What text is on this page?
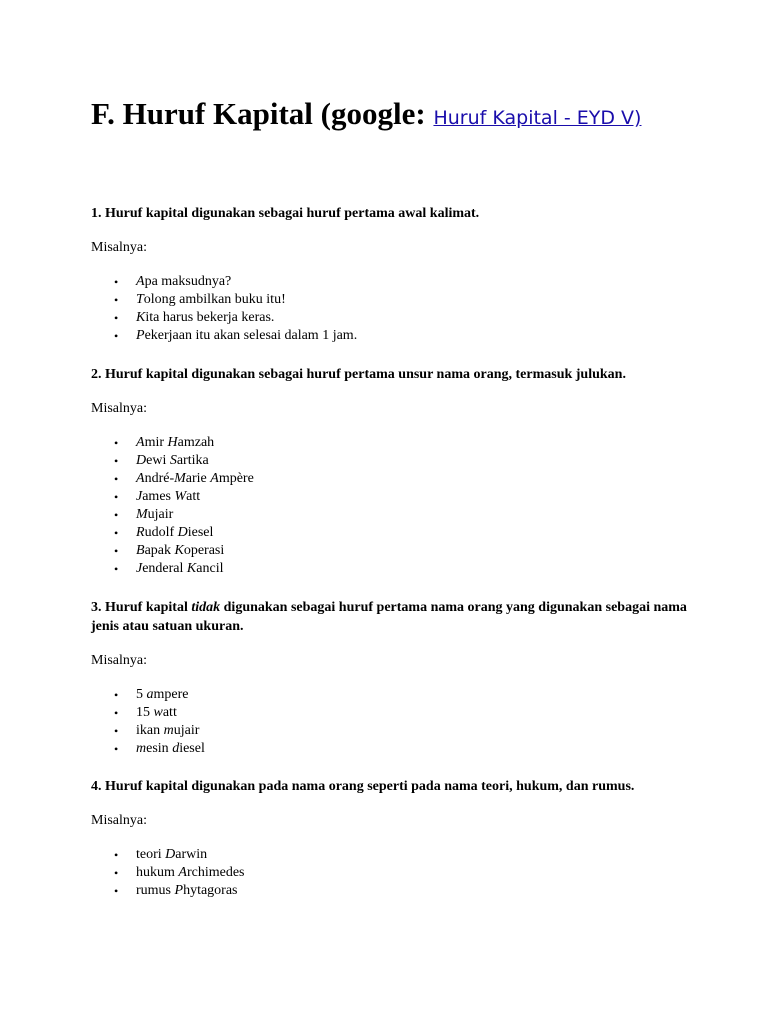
F. Huruf Kapital (google: Huruf Kapital - EYD V)

1. Huruf kapital digunakan sebagai huruf pertama awal kalimat.

Misalnya:

• Apa maksudnya?
• Tolong ambilkan buku itu!
• Kita harus bekerja keras.
• Pekerjaan itu akan selesai dalam 1 jam.

2. Huruf kapital digunakan sebagai huruf pertama unsur nama orang, termasuk julukan.

Misalnya:

• Amir Hamzah
• Dewi Sartika
• André-Marie Ampère
• James Watt
• Mujair
• Rudolf Diesel
• Bapak Koperasi
• Jenderal Kancil

3. Huruf kapital tidak digunakan sebagai huruf pertama nama orang yang digunakan sebagai nama jenis atau satuan ukuran.

Misalnya:

• 5 ampere
• 15 watt
• ikan mujair
• mesin diesel

4. Huruf kapital digunakan pada nama orang seperti pada nama teori, hukum, dan rumus.

Misalnya:

• teori Darwin
• hukum Archimedes
• rumus Phytagoras
